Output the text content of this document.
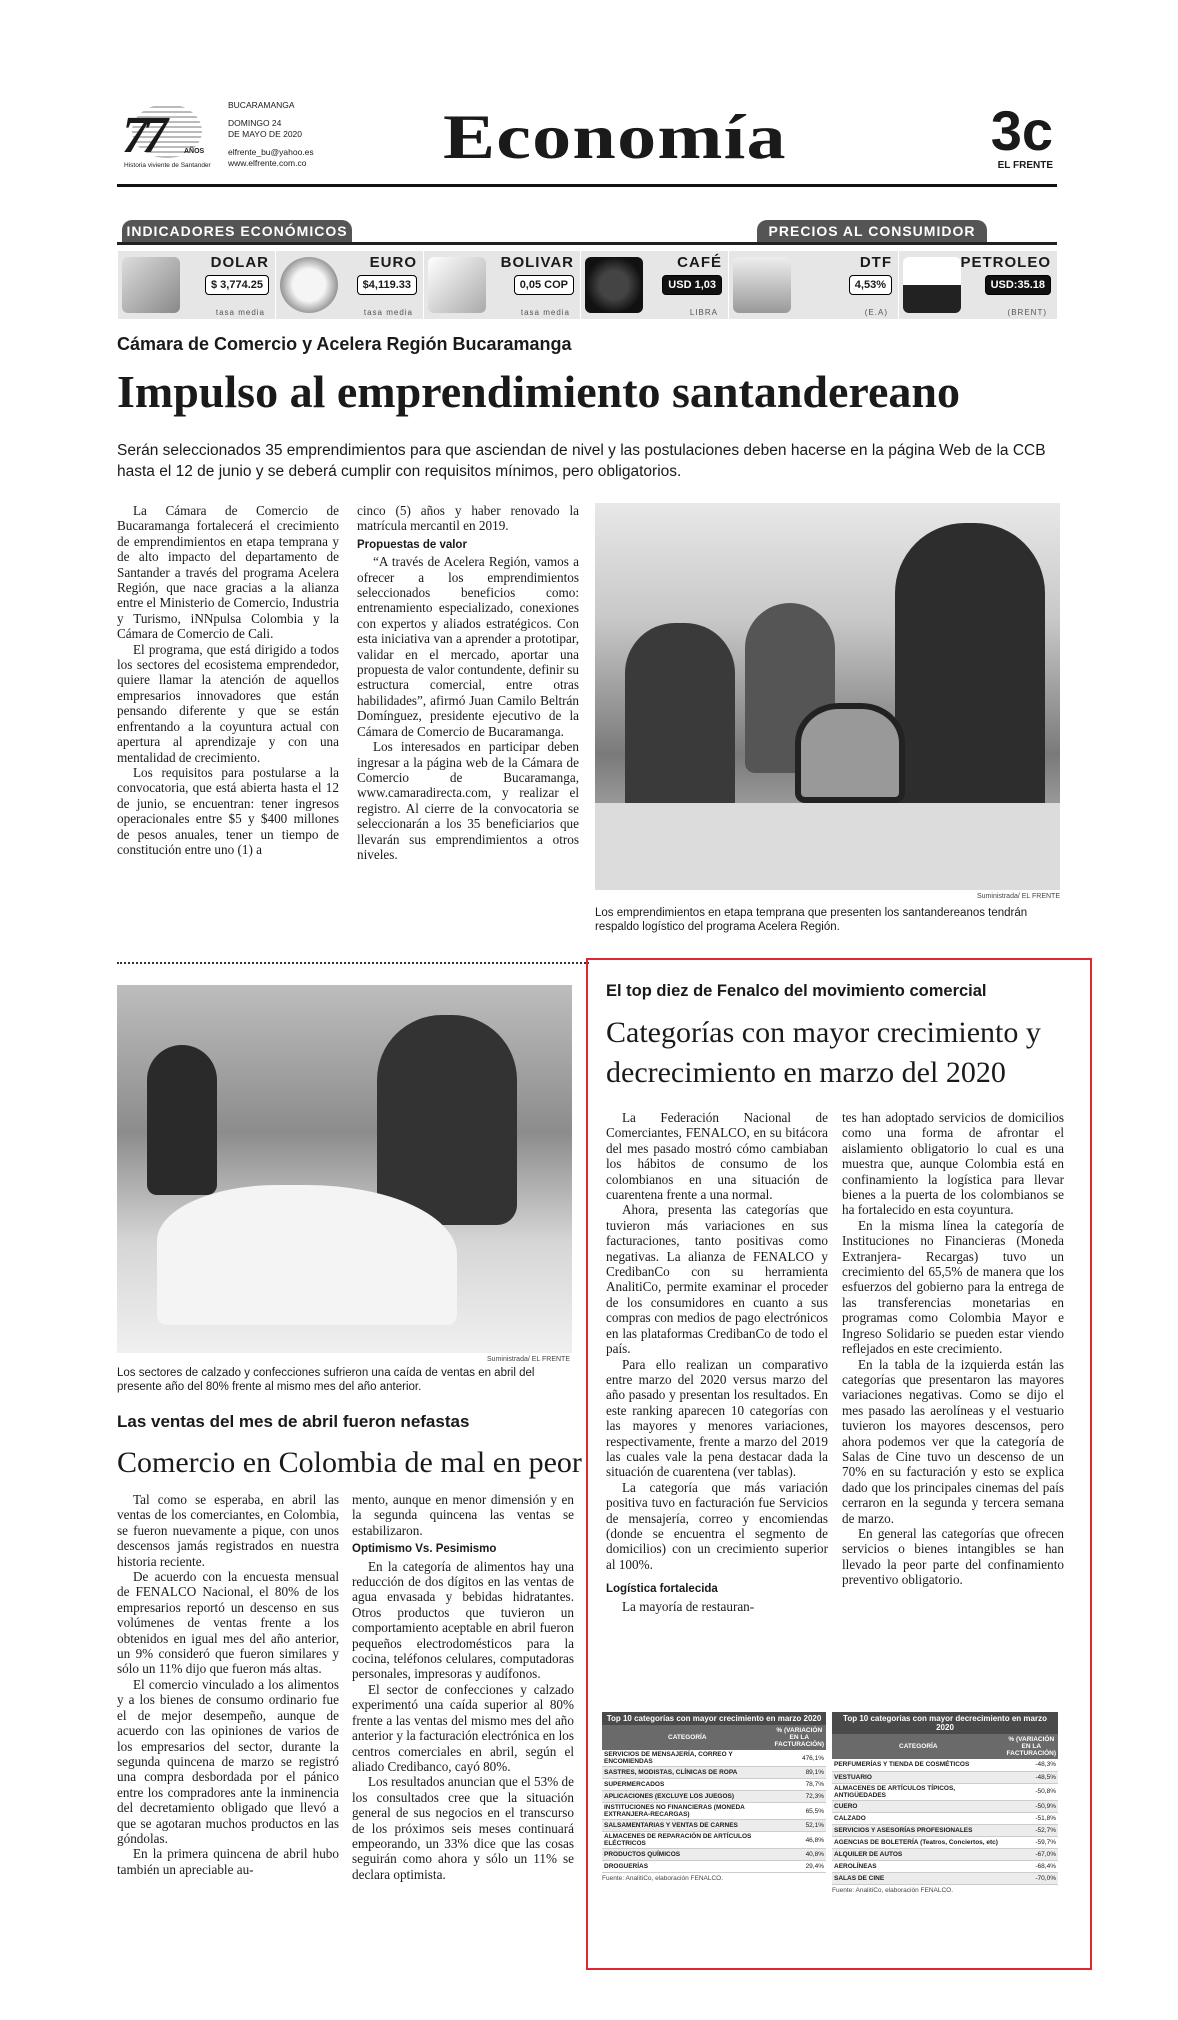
77	AÑOS
Historia viviente de Santander
BUCARAMANGA
DOMINGO 24
DE MAYO DE 2020
elfrente_bu@yahoo.es
www.elfrente.com.co Economía	3c
EL FRENTE
INDICADORES ECONÓMICOS	PRECIOS AL CONSUMIDOR
DOLAR
$ 3,774.25
tasa media
EURO
$4,119.33
tasa media
BOLIVAR
0,05 COP
tasa media
CAFÉ
USD 1,03
LIBRA
DTF
4,53%
(E.A)
PETROLEO
USD:35.18
(BRENT)
Cámara de Comercio y Acelera Región Bucaramanga
Impulso al emprendimiento santandereano
Serán seleccionados 35 emprendimientos para que asciendan de nivel y las postulaciones deben hacerse en la página Web de la CCB hasta el 12 de junio y se deberá cumplir con requisitos mínimos, pero obligatorios.

La Cámara de Comercio de Bucaramanga fortalecerá el crecimiento de emprendimientos en etapa temprana y de alto impacto del departamento de Santander a través del programa Acelera Región, que nace gracias a la alianza entre el Ministerio de Comercio, Industria y Turismo, iNNpulsa Colombia y la Cámara de Comercio de Cali.

El programa, que está dirigido a todos los sectores del ecosistema emprendedor, quiere llamar la atención de aquellos empresarios innovadores que están pensando diferente y que se están enfrentando a la coyuntura actual con apertura al aprendizaje y con una mentalidad de crecimiento.

Los requisitos para postularse a la convocatoria, que está abierta hasta el 12 de junio, se encuentran: tener ingresos operacionales entre $5 y $400 millones de pesos anuales, tener un tiempo de constitución entre uno (1) a

cinco (5) años y haber renovado la matrícula mercantil en 2019.
Propuestas de valor

“A través de Acelera Región, vamos a ofrecer a los emprendimientos seleccionados beneficios como: entrenamiento especializado, conexiones con expertos y aliados estratégicos. Con esta iniciativa van a aprender a prototipar, validar en el mercado, aportar una propuesta de valor contundente, definir su estructura comercial, entre otras habilidades”, afirmó Juan Camilo Beltrán Domínguez, presidente ejecutivo de la Cámara de Comercio de Bucaramanga.

Los interesados en participar deben ingresar a la página web de la Cámara de Comercio de Bucaramanga, www.camaradirecta.com, y realizar el registro. Al cierre de la convocatoria se seleccionarán a los 35 beneficiarios que llevarán sus emprendimientos a otros niveles.

Suministrada/ EL FRENTE
Los emprendimientos en etapa temprana que presenten los santandereanos tendrán respaldo logístico del programa Acelera Región.
Suministrada/ EL FRENTE
Los sectores de calzado y confecciones sufrieron una caída de ventas en abril del presente año del 80% frente al mismo mes del año anterior.
Las ventas del mes de abril fueron nefastas
Comercio en Colombia de mal en peor

Tal como se esperaba, en abril las ventas de los comerciantes, en Colombia, se fueron nuevamente a pique, con unos descensos jamás registrados en nuestra historia reciente.

De acuerdo con la encuesta mensual de FENALCO Nacional, el 80% de los empresarios reportó un descenso en sus volúmenes de ventas frente a los obtenidos en igual mes del año anterior, un 9% consideró que fueron similares y sólo un 11% dijo que fueron más altas.

El comercio vinculado a los alimentos y a los bienes de consumo ordinario fue el de mejor desempeño, aunque de acuerdo con las opiniones de varios de los empresarios del sector, durante la segunda quincena de marzo se registró una compra desbordada por el pánico entre los compradores ante la inminencia del decretamiento obligado que llevó a que se agotaran muchos productos en las góndolas.

En la primera quincena de abril hubo también un apreciable au-

mento, aunque en menor dimensión y en la segunda quincena las ventas se estabilizaron.
Optimismo Vs. Pesimismo

En la categoría de alimentos hay una reducción de dos dígitos en las ventas de agua envasada y bebidas hidratantes. Otros productos que tuvieron un comportamiento aceptable en abril fueron pequeños electrodomésticos para la cocina, teléfonos celulares, computadoras personales, impresoras y audífonos.

El sector de confecciones y calzado experimentó una caída superior al 80% frente a las ventas del mismo mes del año anterior y la facturación electrónica en los centros comerciales en abril, según el aliado Credibanco, cayó 80%.

Los resultados anuncian que el 53% de los consultados cree que la situación general de sus negocios en el transcurso de los próximos seis meses continuará empeorando, un 33% dice que las cosas seguirán como ahora y sólo un 11% se declara optimista.

El top diez de Fenalco del movimiento comercial
Categorías con mayor crecimiento y decrecimiento en marzo del 2020

La Federación Nacional de Comerciantes, FENALCO, en su bitácora del mes pasado mostró cómo cambiaban los hábitos de consumo de los colombianos en una situación de cuarentena frente a una normal.

Ahora, presenta las categorías que tuvieron más variaciones en sus facturaciones, tanto positivas como negativas. La alianza de FENALCO y CredibanCo con su herramienta AnalitiCo, permite examinar el proceder de los consumidores en cuanto a sus compras con medios de pago electrónicos en las plataformas CredibanCo de todo el país.

Para ello realizan un comparativo entre marzo del 2020 versus marzo del año pasado y presentan los resultados. En este ranking aparecen 10 categorías con las mayores y menores variaciones, respectivamente, frente a marzo del 2019 las cuales vale la pena destacar dada la situación de cuarentena (ver tablas).

La categoría que más variación positiva tuvo en facturación fue Servicios de mensajería, correo y encomiendas (donde se encuentra el segmento de domicilios) con un crecimiento superior al 100%.

Logística fortalecida

La mayoría de restauran-

tes han adoptado servicios de domicilios como una forma de afrontar el aislamiento obligatorio lo cual es una muestra que, aunque Colombia está en confinamiento la logística para llevar bienes a la puerta de los colombianos se ha fortalecido en esta coyuntura.

En la misma línea la categoría de Instituciones no Financieras (Moneda Extranjera- Recargas) tuvo un crecimiento del 65,5% de manera que los esfuerzos del gobierno para la entrega de las transferencias monetarias en programas como Colombia Mayor e Ingreso Solidario se pueden estar viendo reflejados en este crecimiento.

En la tabla de la izquierda están las categorías que presentaron las mayores variaciones negativas. Como se dijo el mes pasado las aerolíneas y el vestuario tuvieron los mayores descensos, pero ahora podemos ver que la categoría de Salas de Cine tuvo un descenso de un 70% en su facturación y esto se explica dado que los principales cinemas del país cerraron en la segunda y tercera semana de marzo.

En general las categorías que ofrecen servicios o bienes intangibles se han llevado la peor parte del confinamiento preventivo obligatorio.

Top 10 categorías con mayor crecimiento en marzo 2020
CATEGORÍA	% (VARIACIÓN EN LA FACTURACIÓN)
SERVICIOS DE MENSAJERÍA, CORREO Y ENCOMIENDAS	476,1%
SASTRES, MODISTAS, CLÍNICAS DE ROPA	89,1%
SUPERMERCADOS	78,7%
APLICACIONES (EXCLUYE LOS JUEGOS)	72,3%
INSTITUCIONES NO FINANCIERAS (MONEDA EXTRANJERA-RECARGAS)	65,5%
SALSAMENTARIAS Y VENTAS DE CARNES	52,1%
ALMACENES DE REPARACIÓN DE ARTÍCULOS ELÉCTRICOS	46,8%
PRODUCTOS QUÍMICOS	40,8%
DROGUERÍAS	29,4%
Fuente: AnalitiCo, elaboración FENALCO.
Top 10 categorías con mayor decrecimiento en marzo 2020
CATEGORÍA	% (VARIACIÓN EN LA FACTURACIÓN)
PERFUMERÍAS Y TIENDA DE COSMÉTICOS	-48,3%
VESTUARIO	-48,5%
ALMACENES DE ARTÍCULOS TÍPICOS, ANTIGÜEDADES	-50,8%
CUERO	-50,9%
CALZADO	-51,8%
SERVICIOS Y ASESORÍAS PROFESIONALES	-52,7%
AGENCIAS DE BOLETERÍA (Teatros, Conciertos, etc)	-59,7%
ALQUILER DE AUTOS	-67,0%
AEROLÍNEAS	-68,4%
SALAS DE CINE	-70,0%
Fuente: AnalitiCo, elaboración FENALCO.
